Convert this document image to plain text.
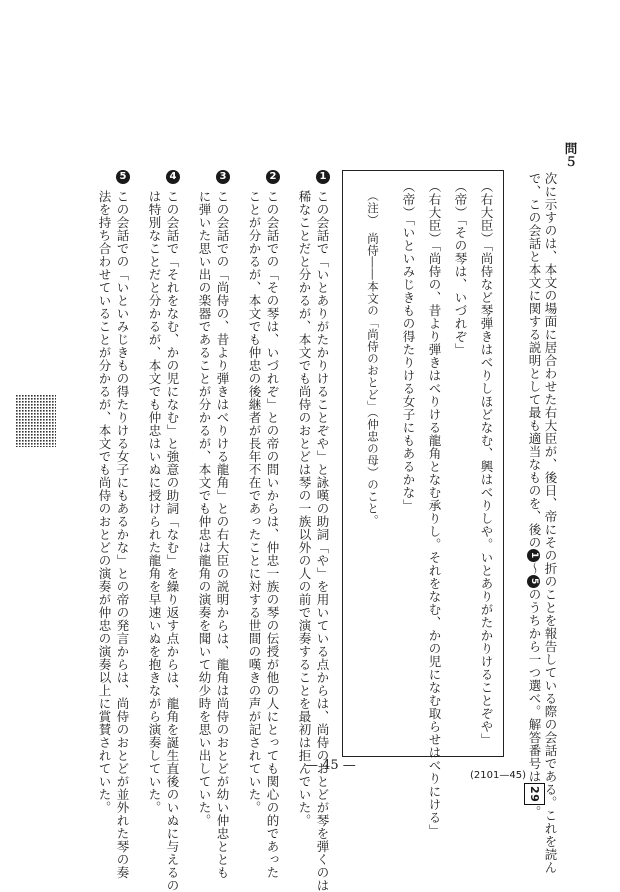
問５
次に示すのは、本文の場面に居合わせた右大臣が、後日、帝にその折のことを報告している際の会話である。これを読ん
で、この会話と本文に関する説明として最も適当なものを、後の1〜5のうちから一つ選べ。解答番号は29。
（右大臣）「尚侍など琴弾きはべりしほどなむ、興はべりしや。いとありがたかりけることぞや」
（帝）「その琴は、いづれぞ」
（右大臣）「尚侍の、昔より弾きはべりける龍角となむ承りし。それをなむ、かの児になむ取らせはべりにける」
（帝）「いといみじきもの得たりける女子にもあるかな」
（注）　尚侍――本文の「尚侍のおとど」（仲忠の母）のこと。
1
この会話で「いとありがたかりけることぞや」と詠嘆の助詞「や」を用いている点からは、尚侍のおとどが琴を弾くのは
稀なことだと分かるが、本文でも尚侍のおとどは琴の一族以外の人の前で演奏することを最初は拒んでいた。
2
この会話での「その琴は、いづれぞ」との帝の問いからは、仲忠一族の琴の伝授が他の人にとっても関心の的であった
ことが分かるが、本文でも仲忠の後継者が長年不在であったことに対する世間の嘆きの声が記されていた。
3
この会話での「尚侍の、昔より弾きはべりける龍角」との右大臣の説明からは、龍角は尚侍のおとどが幼い仲忠ととも
に弾いた思い出の楽器であることが分かるが、本文でも仲忠は龍角の演奏を聞いて幼少時を思い出していた。
4
この会話で「それをなむ、かの児になむ」と強意の助詞「なむ」を繰り返す点からは、龍角を誕生直後のいぬに与えるの
は特別なことだと分かるが、本文でも仲忠はいぬに授けられた龍角を早速いぬを抱きながら演奏していた。
5
この会話での「いといみじきもの得たりける女子にもあるかな」との帝の発言からは、尚侍のおとどが並外れた琴の奏
法を持ち合わせていることが分かるが、本文でも尚侍のおとどの演奏が仲忠の演奏以上に賞賛されていた。	— 45 —
(2101—45)
